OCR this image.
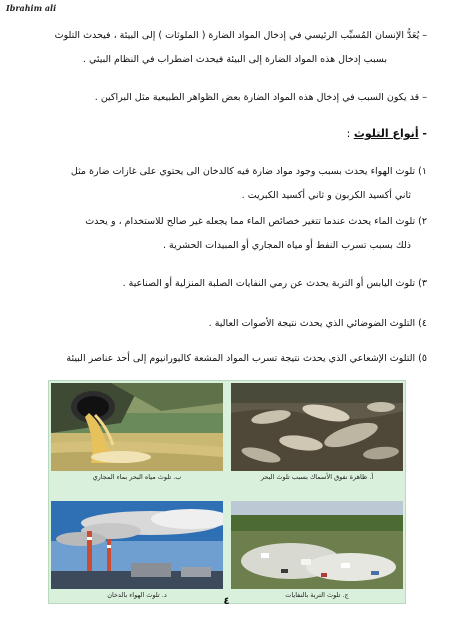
Ibrahim ali
– يُعَدُّ الإنسان المُسبِّب الرئيسي في إدخال المواد الضارة ( الملوثات ) إلى البيئة ، فيحدث التلوث
بسبب إدخال هذه المواد الضارة إلى البيئة فيحدث اضطراب في النظام البيئي .
– قد يكون السبب في إدخال هذه المواد الضارة بعض الظواهر الطبيعية مثل البراكين .
- أنواع التلوث :
١) تلوث الهواء يحدث بسبب وجود مواد ضارة فيه كالدخان الى يحتوي على غازات ضارة مثل
ثاني أكسيد الكربون و ثاني أكسيد الكبريت .
٢) تلوث الماء يحدث عندما تتغير خصائص الماء مما يجعله غير صالح للاستخدام ، و يحدث
ذلك بسبب تسرب النفط أو مياه المجاري أو المبيدات الحشرية .
٣) تلوث اليابس أو التربة يحدث عن رمي النفايات الصلبة المنزلية أو الصناعية .
٤) التلوث الضوضائي الذي يحدث نتيجة الأصوات العالية .
٥) التلوث الإشعاعي الذي يحدث نتيجة تسرب المواد المشعة كاليورانيوم إلى أحد عناصر البيئة
ب. تلوث مياه البحر بماء المجاري	أ. ظاهرة نفوق الأسماك بسبب تلوث البحر
د. تلوث الهواء بالدخان	ج. تلوث التربة بالنفايات
٤
